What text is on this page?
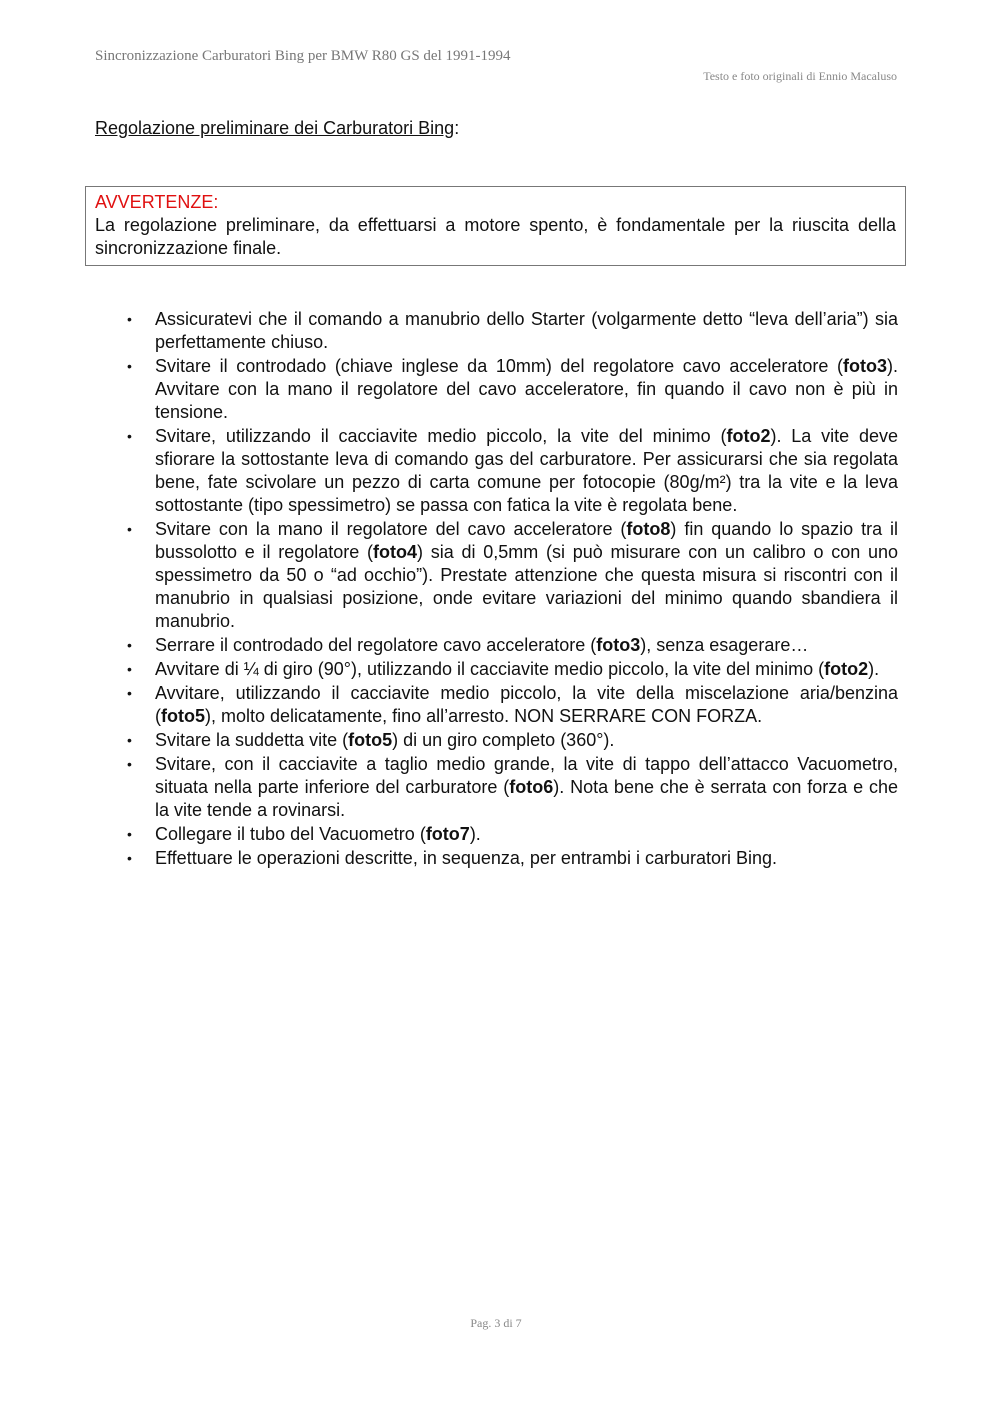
Sincronizzazione Carburatori Bing per BMW R80 GS del 1991-1994
Testo e foto originali di Ennio Macaluso
Regolazione preliminare dei Carburatori Bing:
AVVERTENZE:
La regolazione preliminare, da effettuarsi a motore spento, è fondamentale per la riuscita della sincronizzazione finale.
• Assicuratevi che il comando a manubrio dello Starter (volgarmente detto “leva dell’aria”) sia perfettamente chiuso.
• Svitare il controdado (chiave inglese da 10mm) del regolatore cavo acceleratore (foto3). Avvitare con la mano il regolatore del cavo acceleratore, fin quando il cavo non è più in tensione.
• Svitare, utilizzando il cacciavite medio piccolo, la vite del minimo (foto2). La vite deve sfiorare la sottostante leva di comando gas del carburatore. Per assicurarsi che sia regolata bene, fate scivolare un pezzo di carta comune per fotocopie (80g/m²) tra la vite e la leva sottostante (tipo spessimetro) se passa con fatica la vite è regolata bene.
• Svitare con la mano il regolatore del cavo acceleratore (foto8) fin quando lo spazio tra il bussolotto e il regolatore (foto4) sia di 0,5mm (si può misurare con un calibro o con uno spessimetro da 50 o “ad occhio”). Prestate attenzione che questa misura si riscontri con il manubrio in qualsiasi posizione, onde evitare variazioni del minimo quando sbandiera il manubrio.
• Serrare il controdado del regolatore cavo acceleratore (foto3), senza esagerare…
• Avvitare di ¼ di giro (90°), utilizzando il cacciavite medio piccolo, la vite del minimo (foto2).
• Avvitare, utilizzando il cacciavite medio piccolo, la vite della miscelazione aria/benzina (foto5), molto delicatamente, fino all’arresto. NON SERRARE CON FORZA.
• Svitare la suddetta vite (foto5) di un giro completo (360°).
• Svitare, con il cacciavite a taglio medio grande, la vite di tappo dell’attacco Vacuometro, situata nella parte inferiore del carburatore (foto6). Nota bene che è serrata con forza e che la vite tende a rovinarsi.
• Collegare il tubo del Vacuometro (foto7).
• Effettuare le operazioni descritte, in sequenza, per entrambi i carburatori Bing.
Pag. 3 di 7
